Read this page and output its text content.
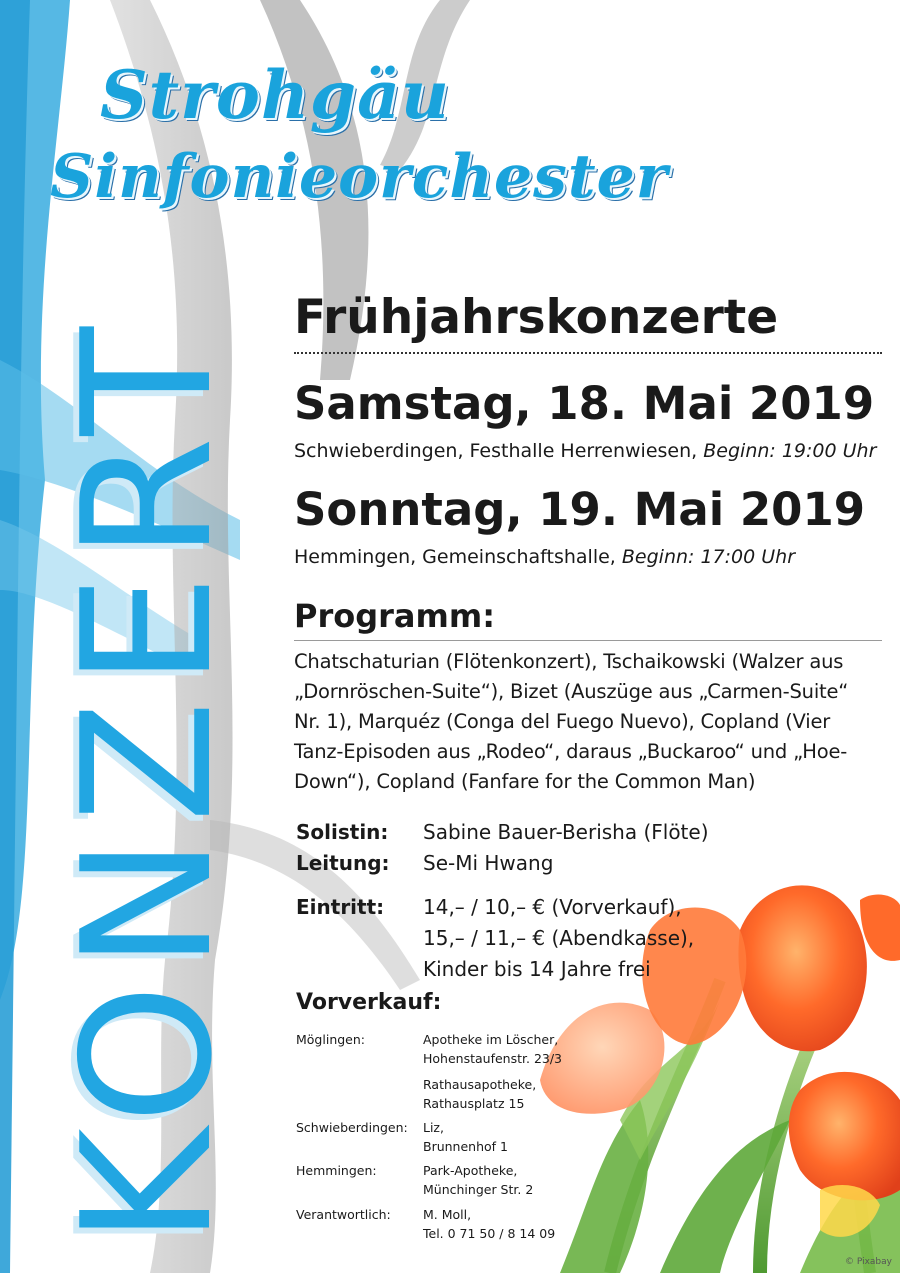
Strohgäu
Sinfonieorchester
KONZERT Frühjahrskonzerte
Samstag, 18. Mai 2019
Schwieberdingen, Festhalle Herrenwiesen, Beginn: 19:00 Uhr
Sonntag, 19. Mai 2019
Hemmingen, Gemeinschaftshalle, Beginn: 17:00 Uhr
Programm:
Chatschaturian (Flötenkonzert), Tschaikowski (Walzer aus „Dornröschen-Suite“), Bizet (Auszüge aus „Carmen-Suite“ Nr. 1), Marquéz (Conga del Fuego Nuevo), Copland (Vier Tanz-Episoden aus „Rodeo“, daraus „Buckaroo“ und „Hoe-Down“), Copland (Fanfare for the Common Man)
Solistin: Sabine Bauer-Berisha (Flöte)
Leitung: Se-Mi Hwang
Eintritt: 14,– / 10,– € (Vorverkauf),
15,– / 11,– € (Abendkasse),
Kinder bis 14 Jahre frei
Vorverkauf:
Möglingen:	Apotheke im Löscher,
Hohenstaufenstr. 23/3
Rathausapotheke,
Rathausplatz 15
Schwieberdingen: Liz,
Brunnenhof 1
Hemmingen:	Park-Apotheke,
Münchinger Str. 2
Verantwortlich:	M. Moll,
Tel. 0 71 50 / 8 14 09
© Pixabay
